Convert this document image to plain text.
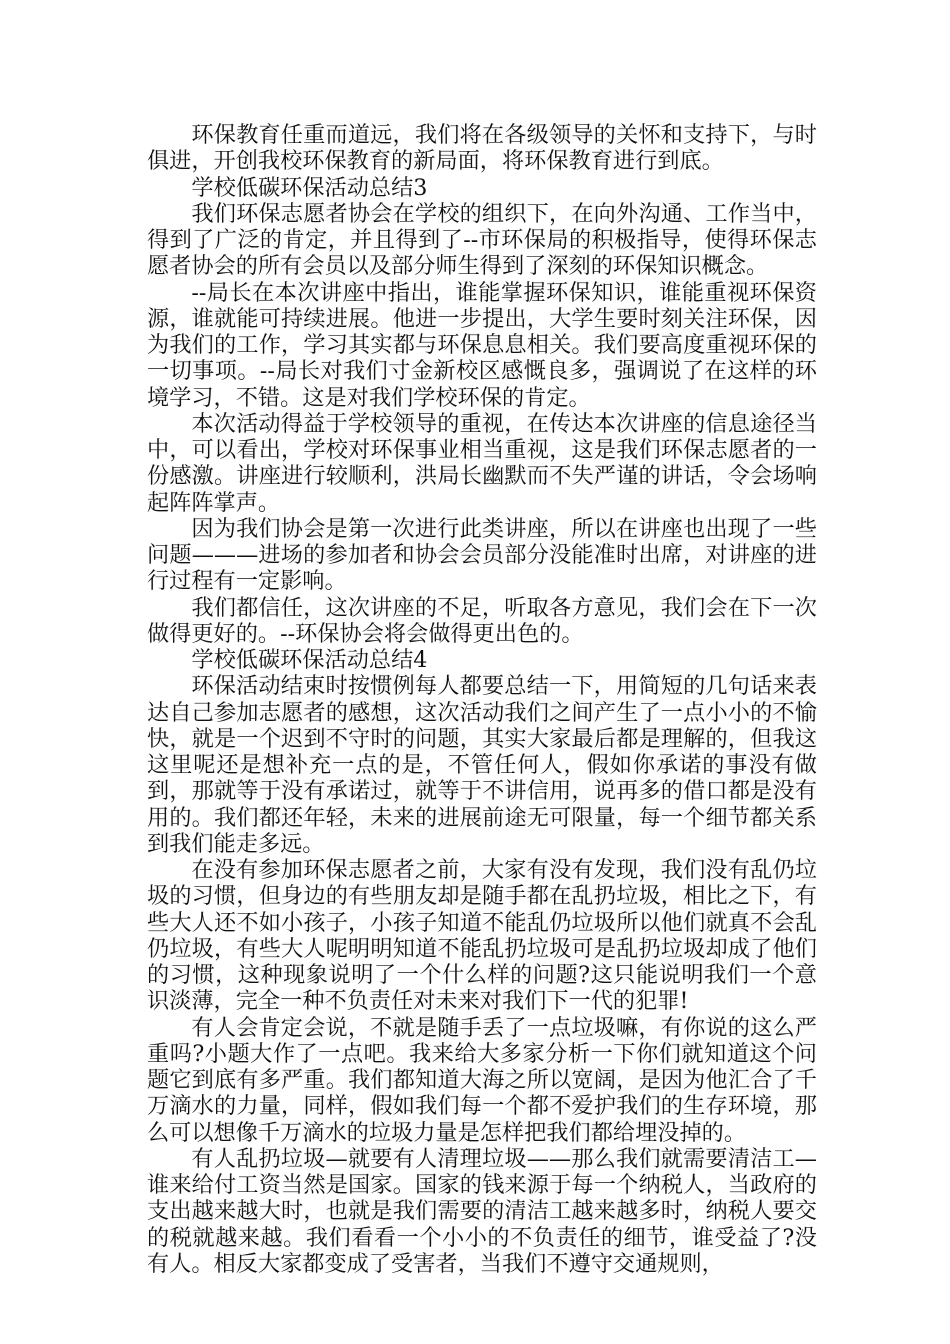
环保教育任重而道远，我们将在各级领导的关怀和支持下，与时俱进，开创我校环保教育的新局面，将环保教育进行到底。

学校低碳环保活动总结3

我们环保志愿者协会在学校的组织下，在向外沟通、工作当中，得到了广泛的肯定，并且得到了--市环保局的积极指导，使得环保志愿者协会的所有会员以及部分师生得到了深刻的环保知识概念。

--局长在本次讲座中指出，谁能掌握环保知识，谁能重视环保资源，谁就能可持续进展。他进一步提出，大学生要时刻关注环保，因为我们的工作，学习其实都与环保息息相关。我们要高度重视环保的一切事项。--局长对我们寸金新校区感慨良多，强调说了在这样的环境学习，不错。这是对我们学校环保的肯定。

本次活动得益于学校领导的重视，在传达本次讲座的信息途径当中，可以看出，学校对环保事业相当重视，这是我们环保志愿者的一份感激。讲座进行较顺利，洪局长幽默而不失严谨的讲话，令会场响起阵阵掌声。

因为我们协会是第一次进行此类讲座，所以在讲座也出现了一些问题———进场的参加者和协会会员部分没能准时出席，对讲座的进行过程有一定影响。

我们都信任，这次讲座的不足，听取各方意见，我们会在下一次做得更好的。--环保协会将会做得更出色的。

学校低碳环保活动总结4

环保活动结束时按惯例每人都要总结一下，用简短的几句话来表达自己参加志愿者的感想，这次活动我们之间产生了一点小小的不愉快，就是一个迟到不守时的问题，其实大家最后都是理解的，但我这这里呢还是想补充一点的是，不管任何人，假如你承诺的事没有做到，那就等于没有承诺过，就等于不讲信用，说再多的借口都是没有用的。我们都还年轻，未来的进展前途无可限量，每一个细节都关系到我们能走多远。

在没有参加环保志愿者之前，大家有没有发现，我们没有乱仍垃圾的习惯，但身边的有些朋友却是随手都在乱扔垃圾，相比之下，有些大人还不如小孩子，小孩子知道不能乱仍垃圾所以他们就真不会乱仍垃圾，有些大人呢明明知道不能乱扔垃圾可是乱扔垃圾却成了他们的习惯，这种现象说明了一个什么样的问题?这只能说明我们一个意识淡薄，完全一种不负责任对未来对我们下一代的犯罪!

有人会肯定会说，不就是随手丢了一点垃圾嘛，有你说的这么严重吗?小题大作了一点吧。我来给大多家分析一下你们就知道这个问题它到底有多严重。我们都知道大海之所以宽阔，是因为他汇合了千万滴水的力量，同样，假如我们每一个都不爱护我们的生存环境，那么可以想像千万滴水的垃圾力量是怎样把我们都给埋没掉的。

有人乱扔垃圾—就要有人清理垃圾——那么我们就需要清洁工—谁来给付工资当然是国家。国家的钱来源于每一个纳税人，当政府的支出越来越大时，也就是我们需要的清洁工越来越多时，纳税人要交的税就越来越。我们看看一个小小的不负责任的细节，谁受益了?没有人。相反大家都变成了受害者，当我们不遵守交通规则，
